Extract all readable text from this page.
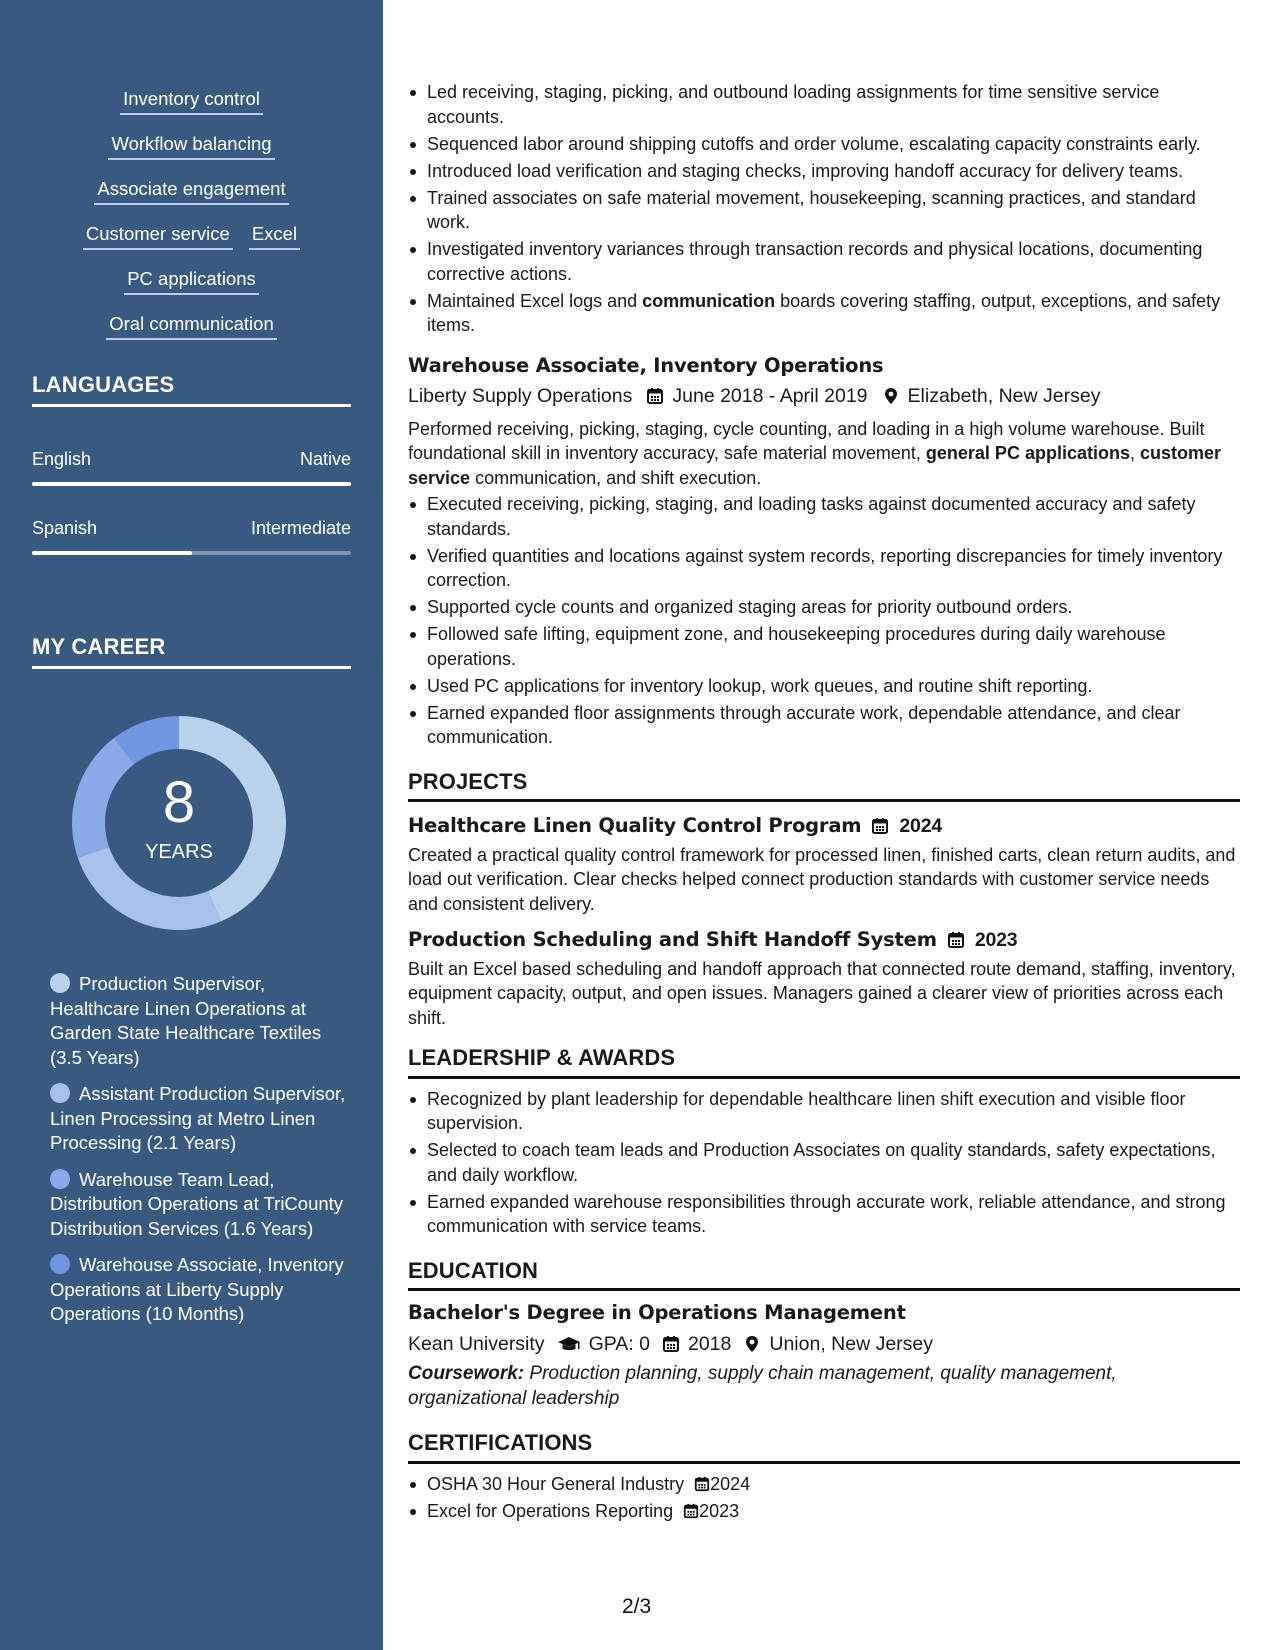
Inventory control
Workflow balancing
Associate engagement
Customer service Excel
PC applications
Oral communication
LANGUAGES
English	Native
Spanish	Intermediate
MY CAREER
8
YEARS
Production Supervisor, Healthcare Linen Operations at Garden State Healthcare Textiles (3.5 Years)
Assistant Production Supervisor, Linen Processing at Metro Linen Processing (2.1 Years)
Warehouse Team Lead, Distribution Operations at TriCounty Distribution Services (1.6 Years)
Warehouse Associate, Inventory Operations at Liberty Supply Operations (10 Months)
Led receiving, staging, picking, and outbound loading assignments for time sensitive service accounts.
Sequenced labor around shipping cutoffs and order volume, escalating capacity constraints early.
Introduced load verification and staging checks, improving handoff accuracy for delivery teams.
Trained associates on safe material movement, housekeeping, scanning practices, and standard work.
Investigated inventory variances through transaction records and physical locations, documenting corrective actions.
Maintained Excel logs and communication boards covering staffing, output, exceptions, and safety items.
Warehouse Associate, Inventory Operations
Liberty Supply Operations June 2018 - April 2019 Elizabeth, New Jersey
Performed receiving, picking, staging, cycle counting, and loading in a high volume warehouse. Built foundational skill in inventory accuracy, safe material movement, general PC applications, customer service communication, and shift execution.
Executed receiving, picking, staging, and loading tasks against documented accuracy and safety standards.
Verified quantities and locations against system records, reporting discrepancies for timely inventory correction.
Supported cycle counts and organized staging areas for priority outbound orders.
Followed safe lifting, equipment zone, and housekeeping procedures during daily warehouse operations.
Used PC applications for inventory lookup, work queues, and routine shift reporting.
Earned expanded floor assignments through accurate work, dependable attendance, and clear communication.
PROJECTS
Healthcare Linen Quality Control Program 2024
Created a practical quality control framework for processed linen, finished carts, clean return audits, and load out verification. Clear checks helped connect production standards with customer service needs and consistent delivery.
Production Scheduling and Shift Handoff System 2023
Built an Excel based scheduling and handoff approach that connected route demand, staffing, inventory, equipment capacity, output, and open issues. Managers gained a clearer view of priorities across each shift.
LEADERSHIP & AWARDS
Recognized by plant leadership for dependable healthcare linen shift execution and visible floor supervision.
Selected to coach team leads and Production Associates on quality standards, safety expectations, and daily workflow.
Earned expanded warehouse responsibilities through accurate work, reliable attendance, and strong communication with service teams.
EDUCATION
Bachelor's Degree in Operations Management
Kean University GPA: 0 2018 Union, New Jersey
Coursework: Production planning, supply chain management, quality management, organizational leadership
CERTIFICATIONS
OSHA 30 Hour General Industry 2024
Excel for Operations Reporting 2023
2/3
